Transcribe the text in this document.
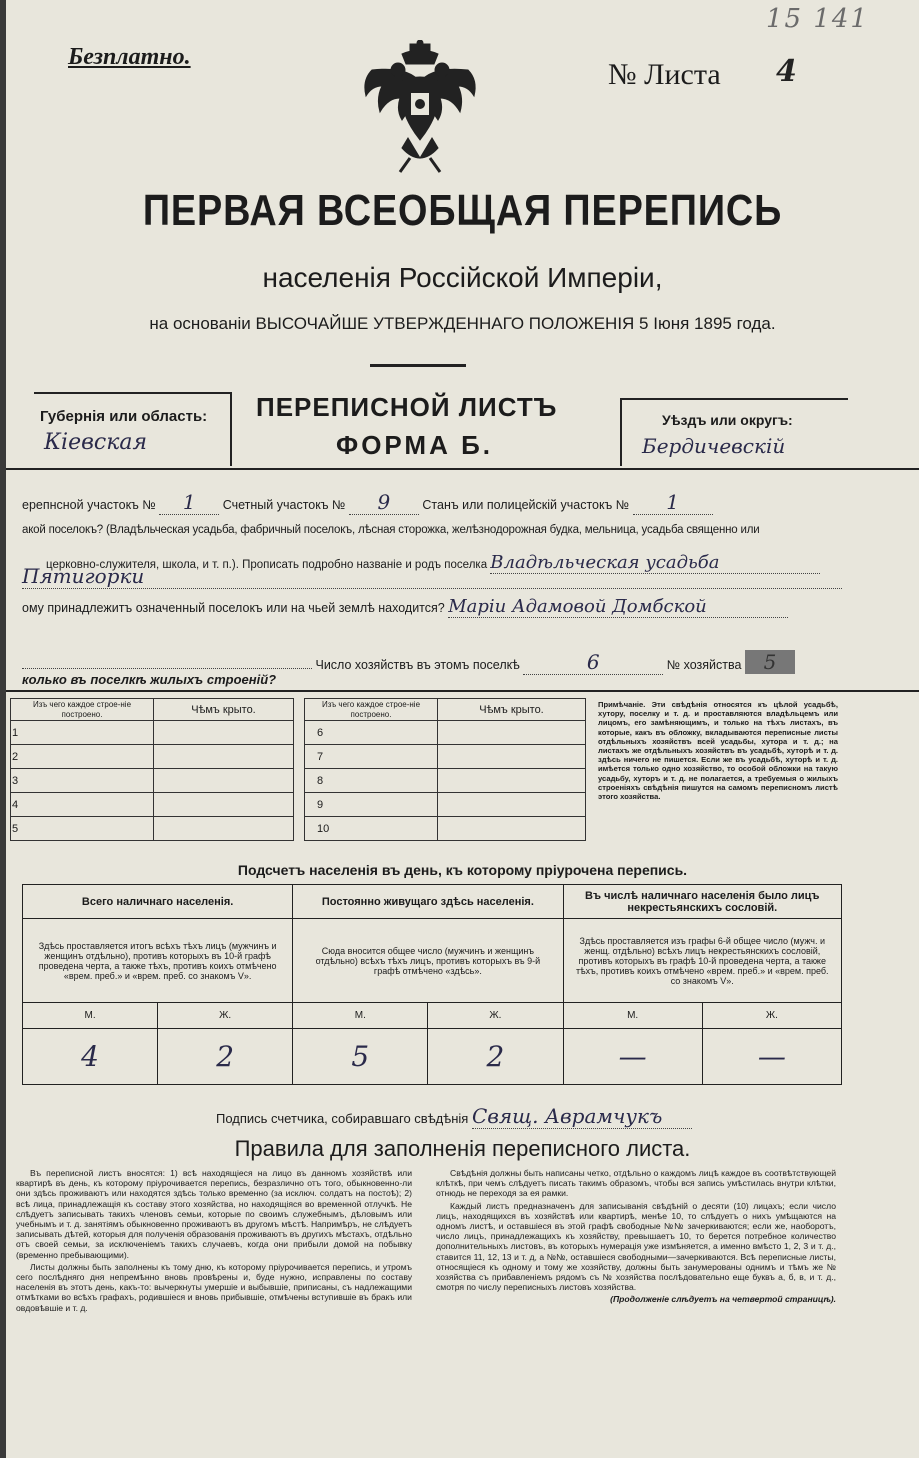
15 141
Безплатно.
№ Листа 4
ПЕРВАЯ ВСЕОБЩАЯ ПЕРЕПИСЬ
населенія Россійской Имперіи,
на основаніи ВЫСОЧАЙШЕ УТВЕРЖДЕННАГО ПОЛОЖЕНІЯ 5 Іюня 1895 года.
Губернія или область:
Кіевская
ПЕРЕПИСНОЙ ЛИСТЪ
ФОРМА Б.
Уѣздъ или округъ:
Бердичевскій
ерепнсной участокъ № 1 Счетный участокъ № 9	Станъ или полицейскій участокъ № 1
акой поселокъ? (Владѣльческая усадьба, фабричный поселокъ, лѣсная сторожка, желѣзнодорожная будка, мельница, усадьба священно или
церковно-служителя, школа, и т. п.). Прописать подробно названіе и родъ поселка Владѣльческая усадьба
Пятигорки
ому принадлежитъ означенный поселокъ или на чьей землѣ находится? Маріи Адамовой Домбской
Число хозяйствъ въ этомъ поселкѣ	6	№ хозяйства 5
колько въ поселкѣ жилыхъ строеній?
Изъ чего каждое строе-ніе построено.	Чѣмъ крыто.
1	
2	
3	
4	
5	
Изъ чего каждое строе-ніе построено.	Чѣмъ крыто.
6	
7	
8	
9	
10	
Примѣчаніе. Эти свѣдѣнія относятся къ цѣлой усадьбѣ, хутору, поселку и т. д. и проставляются владѣльцемъ или лицомъ, его замѣняющимъ, и только на тѣхъ листахъ, въ которые, какъ въ обложку, вкладываются переписные листы отдѣльныхъ хозяйствъ всей усадьбы, хутора и т. д.; на листахъ же отдѣльныхъ хозяйствъ въ усадьбѣ, хуторѣ и т. д. здѣсь ничего не пишется. Если же въ усадьбѣ, хуторѣ и т. д. имѣется только одно хозяйство, то особой обложки на такую усадьбу, хуторъ и т. д. не полагается, а требуемыя о жилыхъ строеніяхъ свѣдѣнія пишутся на самомъ переписномъ листѣ этого хозяйства.
Подсчетъ населенія въ день, къ которому пріурочена перепись.
Всего наличнаго населенія.		Постоянно живущаго здѣсь населенія.		Въ числѣ наличнаго населенія было лицъ некрестьянскихъ сословій.	
Здѣсь проставляется итогъ всѣхъ тѣхъ лицъ (мужчинъ и женщинъ отдѣльно), противъ которыхъ въ 10-й графѣ проведена черта, а также тѣхъ, противъ коихъ отмѣчено «врем. преб.» и «врем. преб. со знакомъ V».		Сюда вносится общее число (мужчинъ и женщинъ отдѣльно) всѣхъ тѣхъ лицъ, противъ которыхъ въ 9-й графѣ отмѣчено «здѣсь».		Здѣсь проставляется изъ графы 6-й общее число (мужч. и женщ. отдѣльно) всѣхъ лицъ некрестьянскихъ сословій, противъ которыхъ въ графѣ 10-й проведена черта, а также тѣхъ, противъ коихъ отмѣчено «врем. преб.» и «врем. преб. со знакомъ V».	
М.	Ж.	М.	Ж.	М.	Ж.
4	2	5	2	—	—
Подпись счетчика, собиравшаго свѣдѣнія Свящ. Аврамчукъ
Правила для заполненія переписного листа.

Въ переписной листъ вносятся: 1) всѣ находящіеся на лицо въ данномъ хозяйствѣ или квартирѣ въ день, къ которому пріурочивается перепись, безразлично отъ того, обыкновенно-ли они здѣсь проживаютъ или находятся здѣсь только временно (за исключ. солдатъ на постоѣ); 2) всѣ лица, принадлежащія къ составу этого хозяйства, но находящіяся во временной отлучкѣ. Не слѣдуетъ записывать такихъ членовъ семьи, которые по своимъ служебнымъ, дѣловымъ или учебнымъ и т. д. занятіямъ обыкновенно проживаютъ въ другомъ мѣстѣ. Напримѣръ, не слѣдуетъ записывать дѣтей, которыя для полученія образованія проживаютъ въ другихъ мѣстахъ, отдѣльно отъ своей семьи, за исключеніемъ такихъ случаевъ, когда они прибыли домой на побывку (временно пребывающими).

Листы должны быть заполнены къ тому дню, къ которому пріурочивается перепись, и утромъ сего послѣдняго дня непремѣнно вновь провѣрены и, буде нужно, исправлены по составу населенія въ этотъ день, какъ-то: вычеркнуты умершіе и выбывшіе, приписаны, съ надлежащими отмѣтками во всѣхъ графахъ, родившіеся и вновь прибывшіе, отмѣчены вступившіе въ бракъ или овдовѣвшіе и т. д.

Свѣдѣнія должны быть написаны четко, отдѣльно о каждомъ лицѣ каждое въ соотвѣтствующей клѣткѣ, при чемъ слѣдуетъ писать такимъ образомъ, чтобы вся запись умѣстилась внутри клѣтки, отнюдь не переходя за ея рамки.

Каждый листъ предназначенъ для записыванія свѣдѣній о десяти (10) лицахъ; если число лицъ, находящихся въ хозяйствѣ или квартирѣ, менѣе 10, то слѣдуетъ о нихъ умѣщаются на одномъ листѣ, и оставшіеся въ этой графѣ свободные №№ зачеркиваются; если же, наоборотъ, число лицъ, принадлежащихъ къ хозяйству, превышаетъ 10, то берется потребное количество дополнительныхъ листовъ, въ которыхъ нумерація уже измѣняется, а именно вмѣсто 1, 2, 3 и т. д., ставится 11, 12, 13 и т. д, а №№, оставшіеся свободными—зачеркиваются. Всѣ переписные листы, относящіеся къ одному и тому же хозяйству, должны быть занумерованы однимъ и тѣмъ же № хозяйства съ прибавленіемъ рядомъ съ № хозяйства послѣдовательно еще буквъ а, б, в, и т. д., смотря по числу переписныхъ листовъ хозяйства.

(Продолженіе слѣдуетъ на четвертой страницѣ).
